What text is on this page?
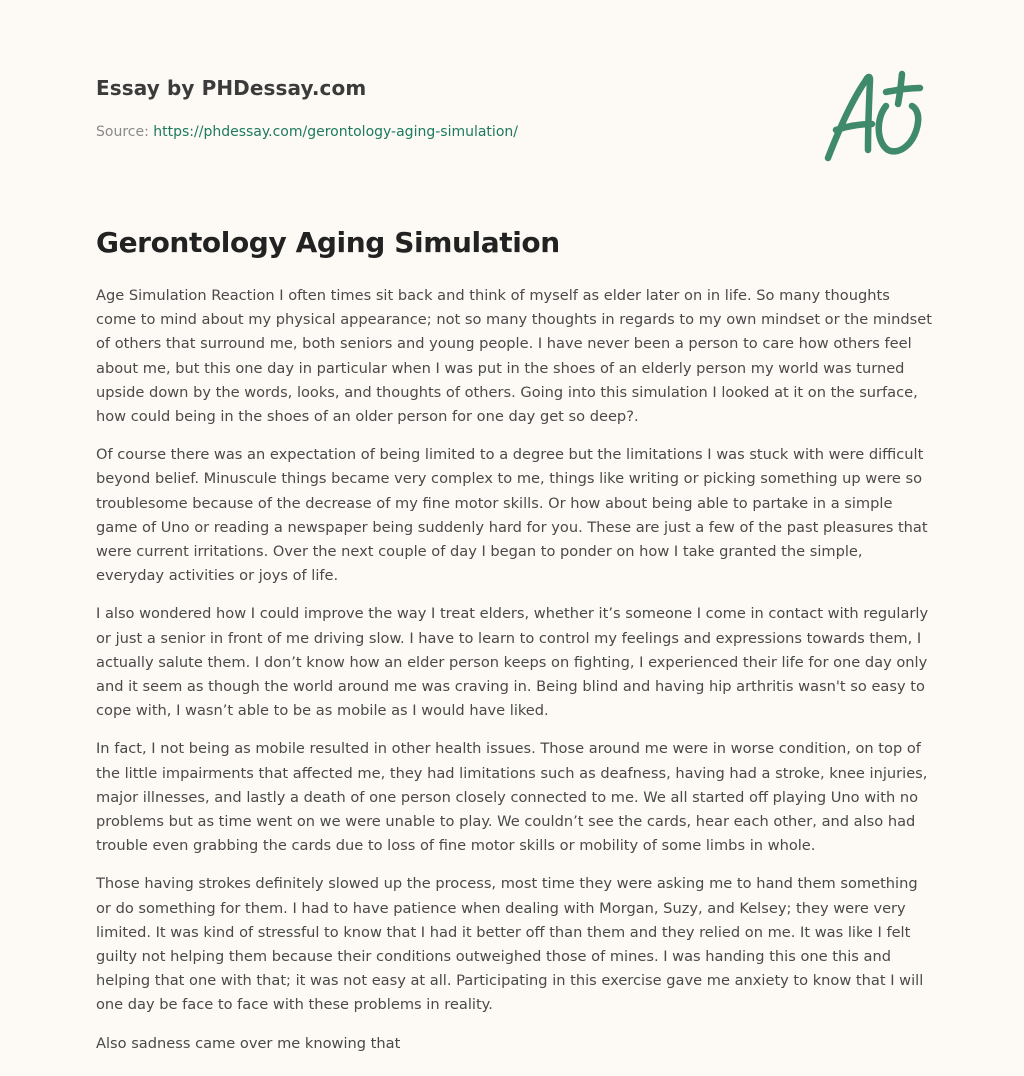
Essay by PHDessay.com

Source: https://phdessay.com/gerontology-aging-simulation/

Gerontology Aging Simulation

Age Simulation Reaction I often times sit back and think of myself as elder later on in life. So many thoughts come to mind about my physical appearance; not so many thoughts in regards to my own mindset or the mindset of others that surround me, both seniors and young people. I have never been a person to care how others feel about me, but this one day in particular when I was put in the shoes of an elderly person my world was turned upside down by the words, looks, and thoughts of others. Going into this simulation I looked at it on the surface, how could being in the shoes of an older person for one day get so deep?.

Of course there was an expectation of being limited to a degree but the limitations I was stuck with were difficult beyond belief. Minuscule things became very complex to me, things like writing or picking something up were so troublesome because of the decrease of my fine motor skills. Or how about being able to partake in a simple game of Uno or reading a newspaper being suddenly hard for you. These are just a few of the past pleasures that were current irritations. Over the next couple of day I began to ponder on how I take granted the simple, everyday activities or joys of life.

I also wondered how I could improve the way I treat elders, whether it’s someone I come in contact with regularly or just a senior in front of me driving slow. I have to learn to control my feelings and expressions towards them, I actually salute them. I don’t know how an elder person keeps on fighting, I experienced their life for one day only and it seem as though the world around me was craving in. Being blind and having hip arthritis wasn't so easy to cope with, I wasn’t able to be as mobile as I would have liked.

In fact, I not being as mobile resulted in other health issues. Those around me were in worse condition, on top of the little impairments that affected me, they had limitations such as deafness, having had a stroke, knee injuries, major illnesses, and lastly a death of one person closely connected to me. We all started off playing Uno with no problems but as time went on we were unable to play. We couldn’t see the cards, hear each other, and also had trouble even grabbing the cards due to loss of fine motor skills or mobility of some limbs in whole.

Those having strokes definitely slowed up the process, most time they were asking me to hand them something or do something for them. I had to have patience when dealing with Morgan, Suzy, and Kelsey; they were very limited. It was kind of stressful to know that I had it better off than them and they relied on me. It was like I felt guilty not helping them because their conditions outweighed those of mines. I was handing this one this and helping that one with that; it was not easy at all. Participating in this exercise gave me anxiety to know that I will one day be face to face with these problems in reality.

Also sadness came over me knowing that
